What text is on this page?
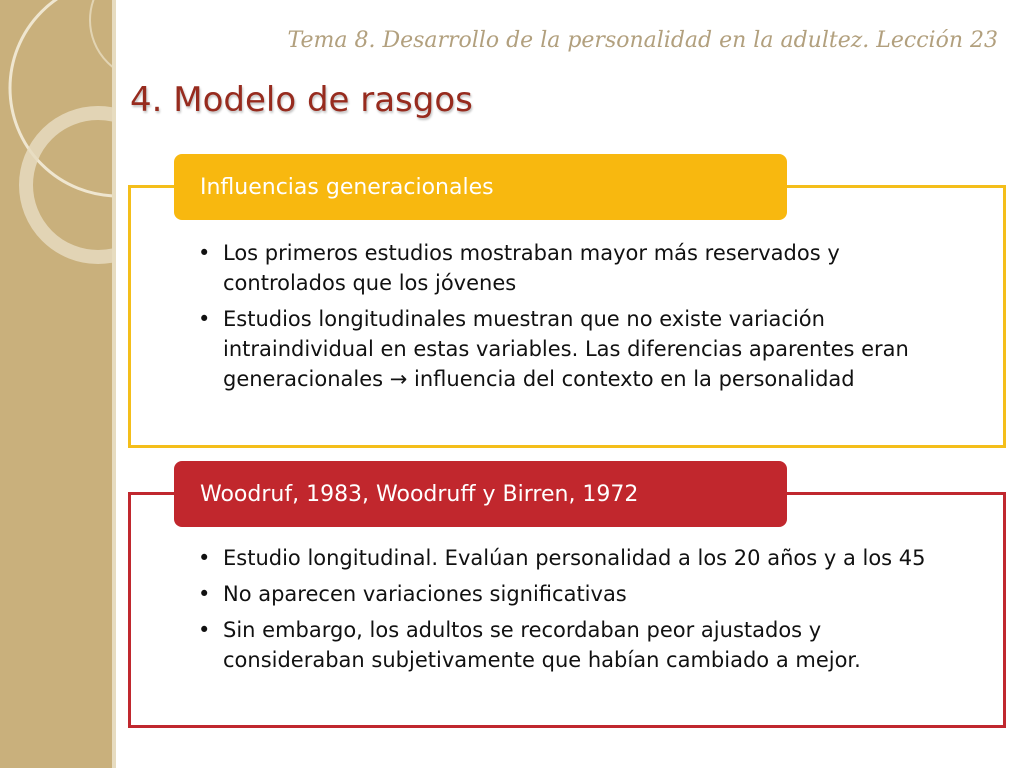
Tema 8. Desarrollo de la personalidad en la adultez. Lección 23
4. Modelo de rasgos
Influencias generacionales
• Los primeros estudios mostraban mayor más reservados y controlados que los jóvenes
• Estudios longitudinales muestran que no existe variación intraindividual en estas variables. Las diferencias aparentes eran generacionales → influencia del contexto en la personalidad
Woodruf, 1983, Woodruff y Birren, 1972
• Estudio longitudinal. Evalúan personalidad a los 20 años y a los 45
• No aparecen variaciones significativas
• Sin embargo, los adultos se recordaban peor ajustados y consideraban subjetivamente que habían cambiado a mejor.
